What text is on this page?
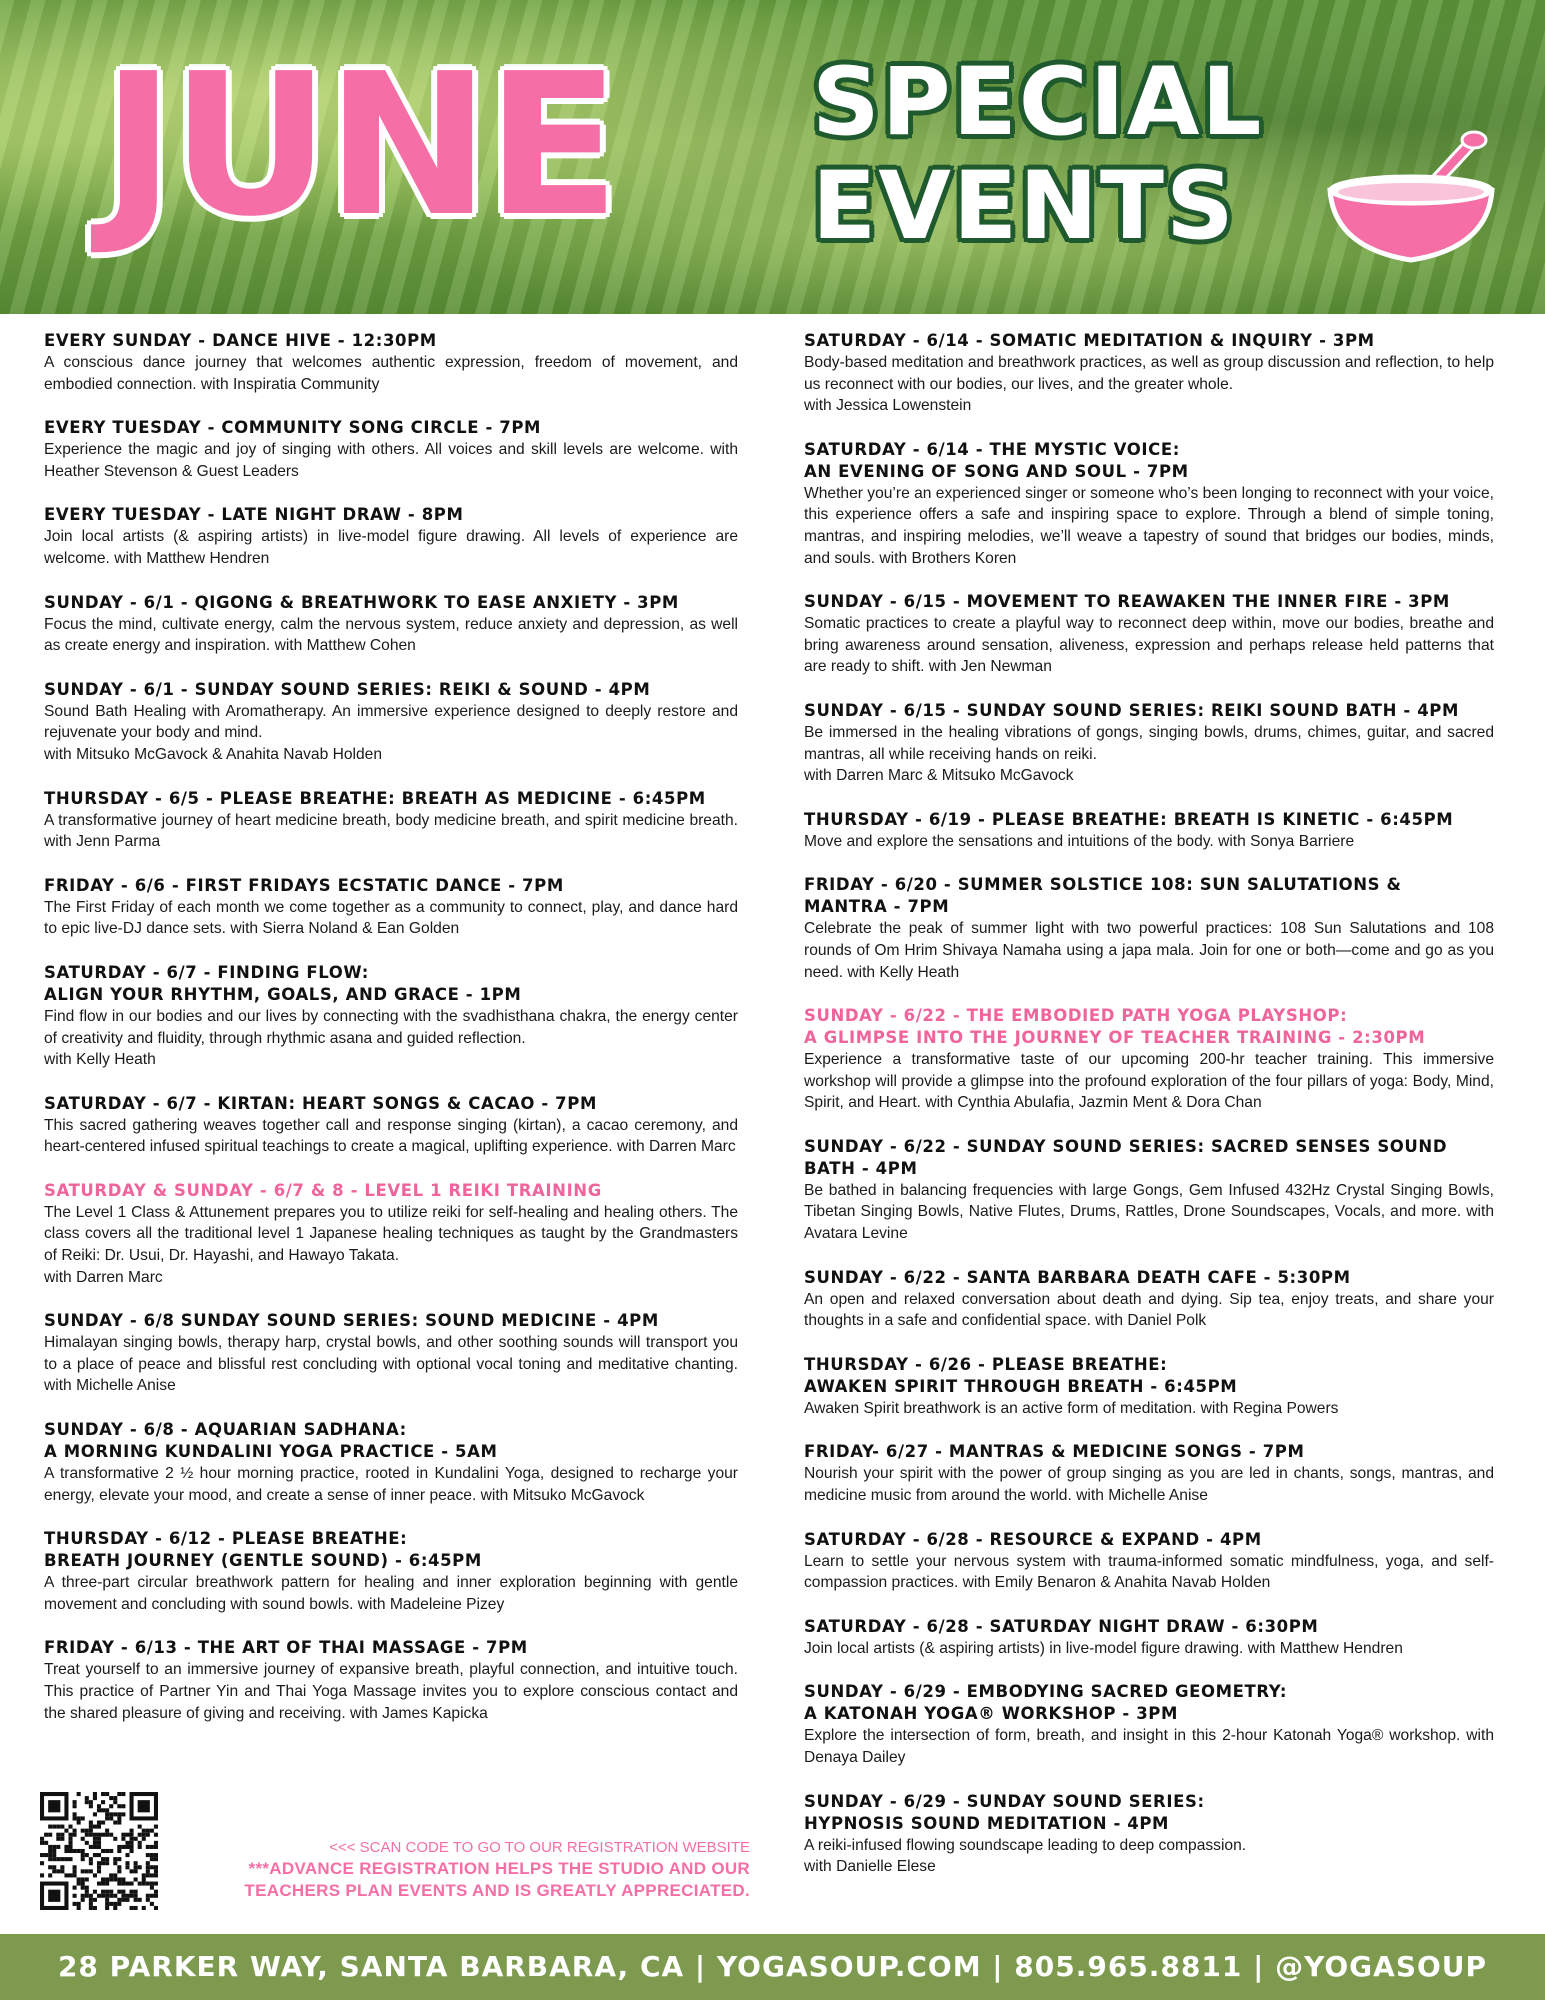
JUNE SPECIAL
EVENTS
EVERY SUNDAY - DANCE HIVE - 12:30PM
A conscious dance journey that welcomes authentic expression, freedom of movement, and embodied connection. with Inspiratia Community
EVERY TUESDAY - COMMUNITY SONG CIRCLE - 7PM
Experience the magic and joy of singing with others. All voices and skill levels are welcome. with Heather Stevenson & Guest Leaders
EVERY TUESDAY - LATE NIGHT DRAW - 8PM
Join local artists (& aspiring artists) in live-model figure drawing. All levels of experience are welcome. with Matthew Hendren
SUNDAY - 6/1 - QIGONG & BREATHWORK TO EASE ANXIETY - 3PM
Focus the mind, cultivate energy, calm the nervous system, reduce anxiety and depression, as well as create energy and inspiration. with Matthew Cohen
SUNDAY - 6/1 - SUNDAY SOUND SERIES: REIKI & SOUND - 4PM
Sound Bath Healing with Aromatherapy. An immersive experience designed to deeply restore and rejuvenate your body and mind.
with Mitsuko McGavock & Anahita Navab Holden
THURSDAY - 6/5 - PLEASE BREATHE: BREATH AS MEDICINE - 6:45PM
A transformative journey of heart medicine breath, body medicine breath, and spirit medicine breath. with Jenn Parma
FRIDAY - 6/6 - FIRST FRIDAYS ECSTATIC DANCE - 7PM
The First Friday of each month we come together as a community to connect, play, and dance hard to epic live-DJ dance sets. with Sierra Noland & Ean Golden
SATURDAY - 6/7 - FINDING FLOW:
ALIGN YOUR RHYTHM, GOALS, AND GRACE - 1PM
Find flow in our bodies and our lives by connecting with the svadhisthana chakra, the energy center of creativity and fluidity, through rhythmic asana and guided reflection.
with Kelly Heath
SATURDAY - 6/7 - KIRTAN: HEART SONGS & CACAO - 7PM
This sacred gathering weaves together call and response singing (kirtan), a cacao ceremony, and heart-centered infused spiritual teachings to create a magical, uplifting experience. with Darren Marc
SATURDAY & SUNDAY - 6/7 & 8 - LEVEL 1 REIKI TRAINING
The Level 1 Class & Attunement prepares you to utilize reiki for self-healing and healing others. The class covers all the traditional level 1 Japanese healing techniques as taught by the Grandmasters of Reiki: Dr. Usui, Dr. Hayashi, and Hawayo Takata.
with Darren Marc
SUNDAY - 6/8 SUNDAY SOUND SERIES: SOUND MEDICINE - 4PM
Himalayan singing bowls, therapy harp, crystal bowls, and other soothing sounds will transport you to a place of peace and blissful rest concluding with optional vocal toning and meditative chanting. with Michelle Anise
SUNDAY - 6/8 - AQUARIAN SADHANA:
A MORNING KUNDALINI YOGA PRACTICE - 5AM
A transformative 2 ½ hour morning practice, rooted in Kundalini Yoga, designed to recharge your energy, elevate your mood, and create a sense of inner peace. with Mitsuko McGavock
THURSDAY - 6/12 - PLEASE BREATHE:
BREATH JOURNEY (GENTLE SOUND) - 6:45PM
A three-part circular breathwork pattern for healing and inner exploration beginning with gentle movement and concluding with sound bowls. with Madeleine Pizey
FRIDAY - 6/13 - THE ART OF THAI MASSAGE - 7PM
Treat yourself to an immersive journey of expansive breath, playful connection, and intuitive touch. This practice of Partner Yin and Thai Yoga Massage invites you to explore conscious contact and the shared pleasure of giving and receiving. with James Kapicka
SATURDAY - 6/14 - SOMATIC MEDITATION & INQUIRY - 3PM
Body-based meditation and breathwork practices, as well as group discussion and reflection, to help us reconnect with our bodies, our lives, and the greater whole.
with Jessica Lowenstein
SATURDAY - 6/14 - THE MYSTIC VOICE:
AN EVENING OF SONG AND SOUL - 7PM
Whether you’re an experienced singer or someone who’s been longing to reconnect with your voice, this experience offers a safe and inspiring space to explore. Through a blend of simple toning, mantras, and inspiring melodies, we’ll weave a tapestry of sound that bridges our bodies, minds, and souls. with Brothers Koren
SUNDAY - 6/15 - MOVEMENT TO REAWAKEN THE INNER FIRE - 3PM
Somatic practices to create a playful way to reconnect deep within, move our bodies, breathe and bring awareness around sensation, aliveness, expression and perhaps release held patterns that are ready to shift. with Jen Newman
SUNDAY - 6/15 - SUNDAY SOUND SERIES: REIKI SOUND BATH - 4PM
Be immersed in the healing vibrations of gongs, singing bowls, drums, chimes, guitar, and sacred mantras, all while receiving hands on reiki.
with Darren Marc & Mitsuko McGavock
THURSDAY - 6/19 - PLEASE BREATHE: BREATH IS KINETIC - 6:45PM
Move and explore the sensations and intuitions of the body. with Sonya Barriere
FRIDAY - 6/20 - SUMMER SOLSTICE 108: SUN SALUTATIONS &
MANTRA - 7PM
Celebrate the peak of summer light with two powerful practices: 108 Sun Salutations and 108 rounds of Om Hrim Shivaya Namaha using a japa mala. Join for one or both—come and go as you need. with Kelly Heath
SUNDAY - 6/22 - THE EMBODIED PATH YOGA PLAYSHOP:
A GLIMPSE INTO THE JOURNEY OF TEACHER TRAINING - 2:30PM
Experience a transformative taste of our upcoming 200-hr teacher training. This immersive workshop will provide a glimpse into the profound exploration of the four pillars of yoga: Body, Mind, Spirit, and Heart. with Cynthia Abulafia, Jazmin Ment & Dora Chan
SUNDAY - 6/22 - SUNDAY SOUND SERIES: SACRED SENSES SOUND
BATH - 4PM
Be bathed in balancing frequencies with large Gongs, Gem Infused 432Hz Crystal Singing Bowls, Tibetan Singing Bowls, Native Flutes, Drums, Rattles, Drone Soundscapes, Vocals, and more. with Avatara Levine
SUNDAY - 6/22 - SANTA BARBARA DEATH CAFE - 5:30PM
An open and relaxed conversation about death and dying. Sip tea, enjoy treats, and share your thoughts in a safe and confidential space. with Daniel Polk
THURSDAY - 6/26 - PLEASE BREATHE:
AWAKEN SPIRIT THROUGH BREATH - 6:45PM
Awaken Spirit breathwork is an active form of meditation. with Regina Powers
FRIDAY- 6/27 - MANTRAS & MEDICINE SONGS - 7PM
Nourish your spirit with the power of group singing as you are led in chants, songs, mantras, and medicine music from around the world. with Michelle Anise
SATURDAY - 6/28 - RESOURCE & EXPAND - 4PM
Learn to settle your nervous system with trauma-informed somatic mindfulness, yoga, and self-compassion practices. with Emily Benaron & Anahita Navab Holden
SATURDAY - 6/28 - SATURDAY NIGHT DRAW - 6:30PM
Join local artists (& aspiring artists) in live-model figure drawing. with Matthew Hendren
SUNDAY - 6/29 - EMBODYING SACRED GEOMETRY:
A KATONAH YOGA® WORKSHOP - 3PM
Explore the intersection of form, breath, and insight in this 2-hour Katonah Yoga® workshop. with Denaya Dailey
SUNDAY - 6/29 - SUNDAY SOUND SERIES:
HYPNOSIS SOUND MEDITATION - 4PM
A reiki-infused flowing soundscape leading to deep compassion.
with Danielle Elese
<<< SCAN CODE TO GO TO OUR REGISTRATION WEBSITE
***ADVANCE REGISTRATION HELPS THE STUDIO AND OUR TEACHERS PLAN EVENTS AND IS GREATLY APPRECIATED.
28 PARKER WAY, SANTA BARBARA, CA | YOGASOUP.COM | 805.965.8811 | @YOGASOUP
